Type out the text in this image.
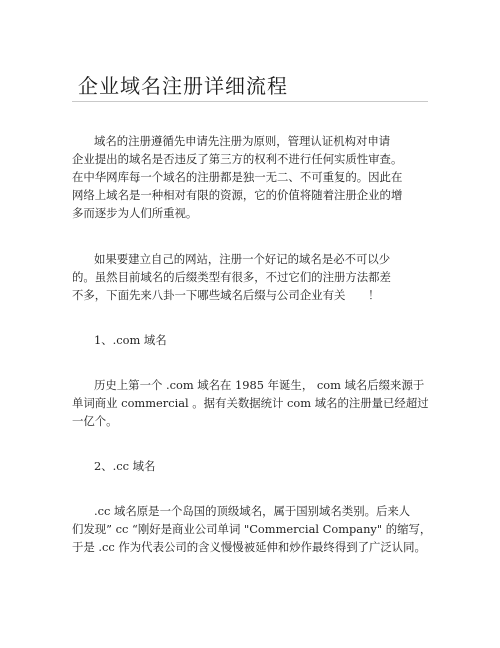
企业域名注册详细流程
域名的注册遵循先申请先注册为原则，管理认证机构对申请
企业提出的域名是否违反了第三方的权利不进行任何实质性审查。
在中华网库每一个域名的注册都是独一无二、不可重复的。因此在
网络上域名是一种相对有限的资源，它的价值将随着注册企业的增
多而逐步为人们所重视。
如果要建立自己的网站，注册一个好记的域名是必不可以少
的。虽然目前域名的后缀类型有很多，不过它们的注册方法都差
不多，下面先来八卦一下哪些域名后缀与公司企业有关　　！
1、.com 域名
历史上第一个 .com 域名在 1985 年诞生， com 域名后缀来源于
单词商业 commercial 。据有关数据统计 com 域名的注册量已经超过
一亿个。
2、.cc 域名
.cc 域名原是一个岛国的顶级域名，属于国别域名类别。后来人
们发现” cc “刚好是商业公司单词 "Commercial Company" 的缩写，
于是 .cc 作为代表公司的含义慢慢被延伸和炒作最终得到了广泛认同。
